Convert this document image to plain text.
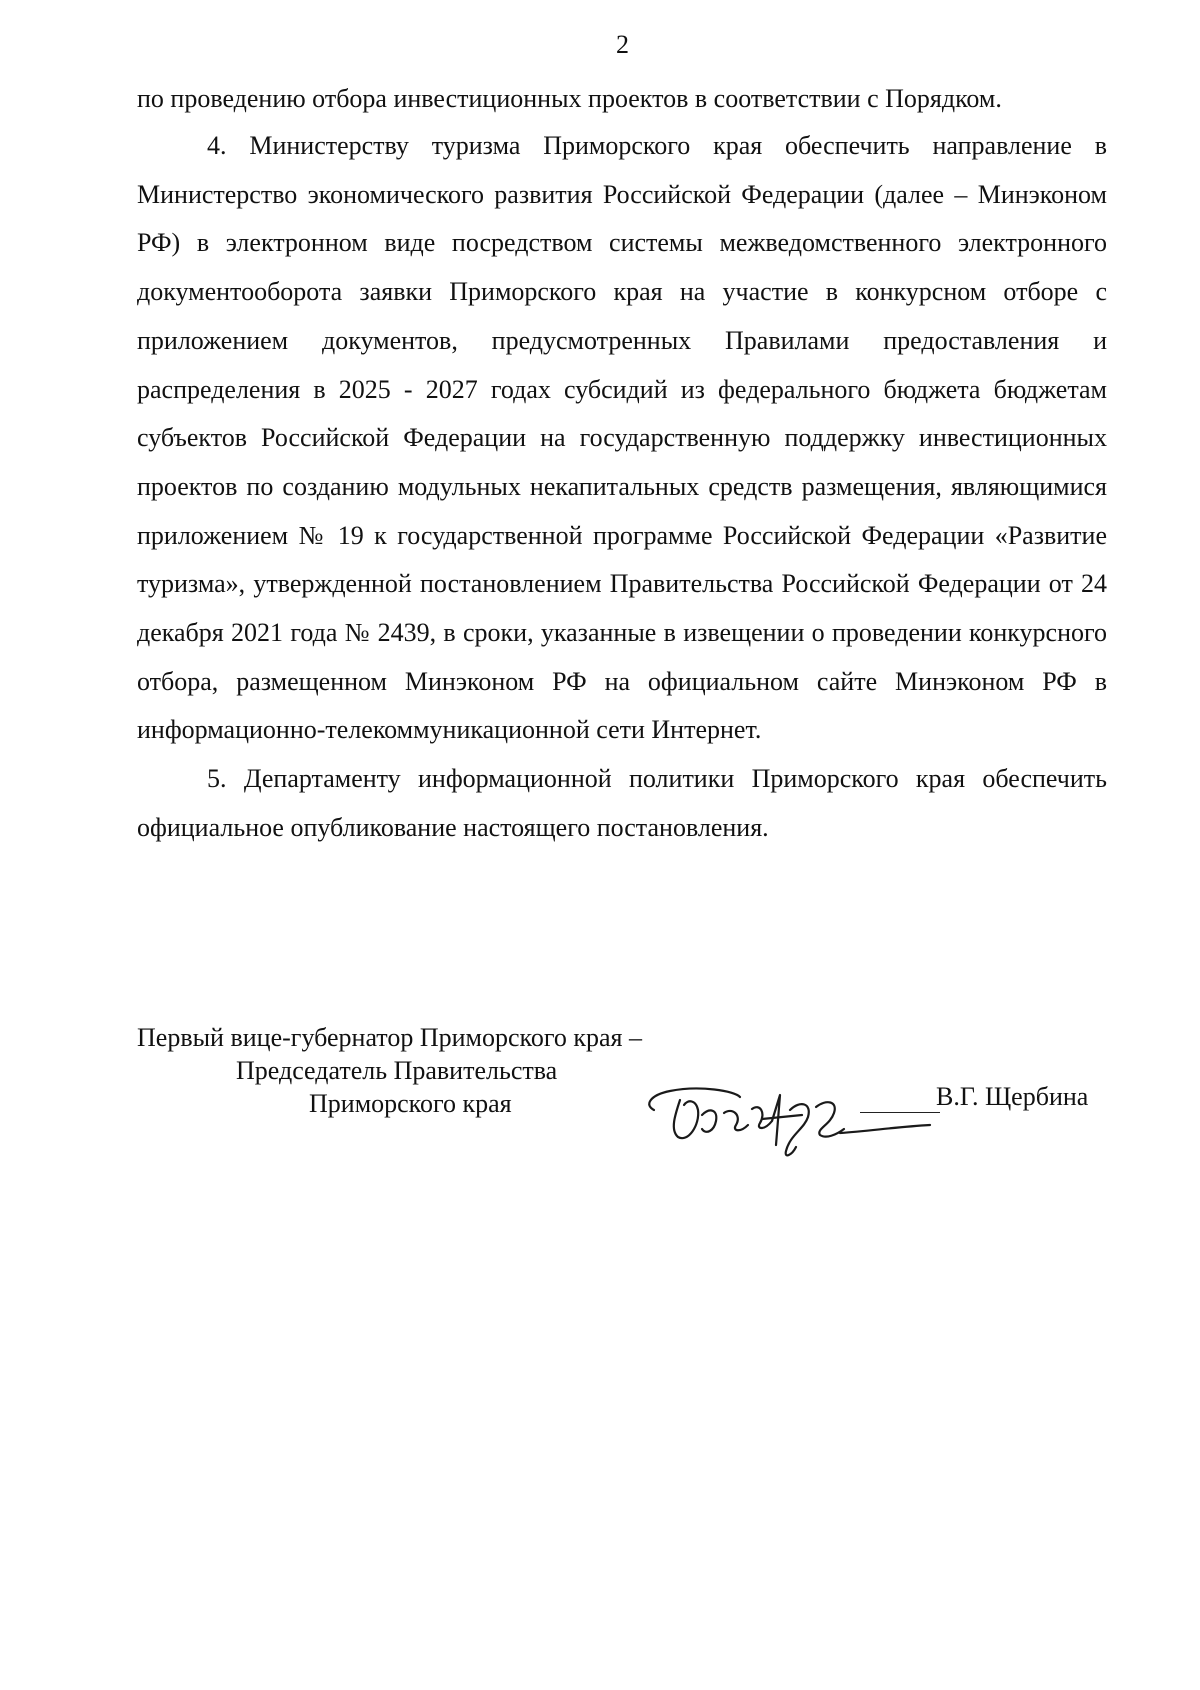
2
по проведению отбора инвестиционных проектов в соответствии с Порядком.

4. Министерству туризма Приморского края обеспечить направление в Министерство экономического развития Российской Федерации (далее – Минэконом РФ) в электронном виде посредством системы межведомственного электронного документооборота заявки Приморского края на участие в конкурсном отборе с приложением документов, предусмотренных Правилами предоставления и распределения в 2025 - 2027 годах субсидий из федерального бюджета бюджетам субъектов Российской Федерации на государственную поддержку инвестиционных проектов по созданию модульных некапитальных средств размещения, являющимися приложением № 19 к государственной программе Российской Федерации «Развитие туризма», утвержденной постановлением Правительства Российской Федерации от 24 декабря 2021 года № 2439, в сроки, указанные в извещении о проведении конкурсного отбора, размещенном Минэконом РФ на официальном сайте Минэконом РФ в информационно-телекоммуникационной сети Интернет.

5. Департаменту информационной политики Приморского края обеспечить официальное опубликование настоящего постановления.

Первый вице-губернатор Приморского края –
Председатель Правительства
Приморского края	В.Г. Щербина
